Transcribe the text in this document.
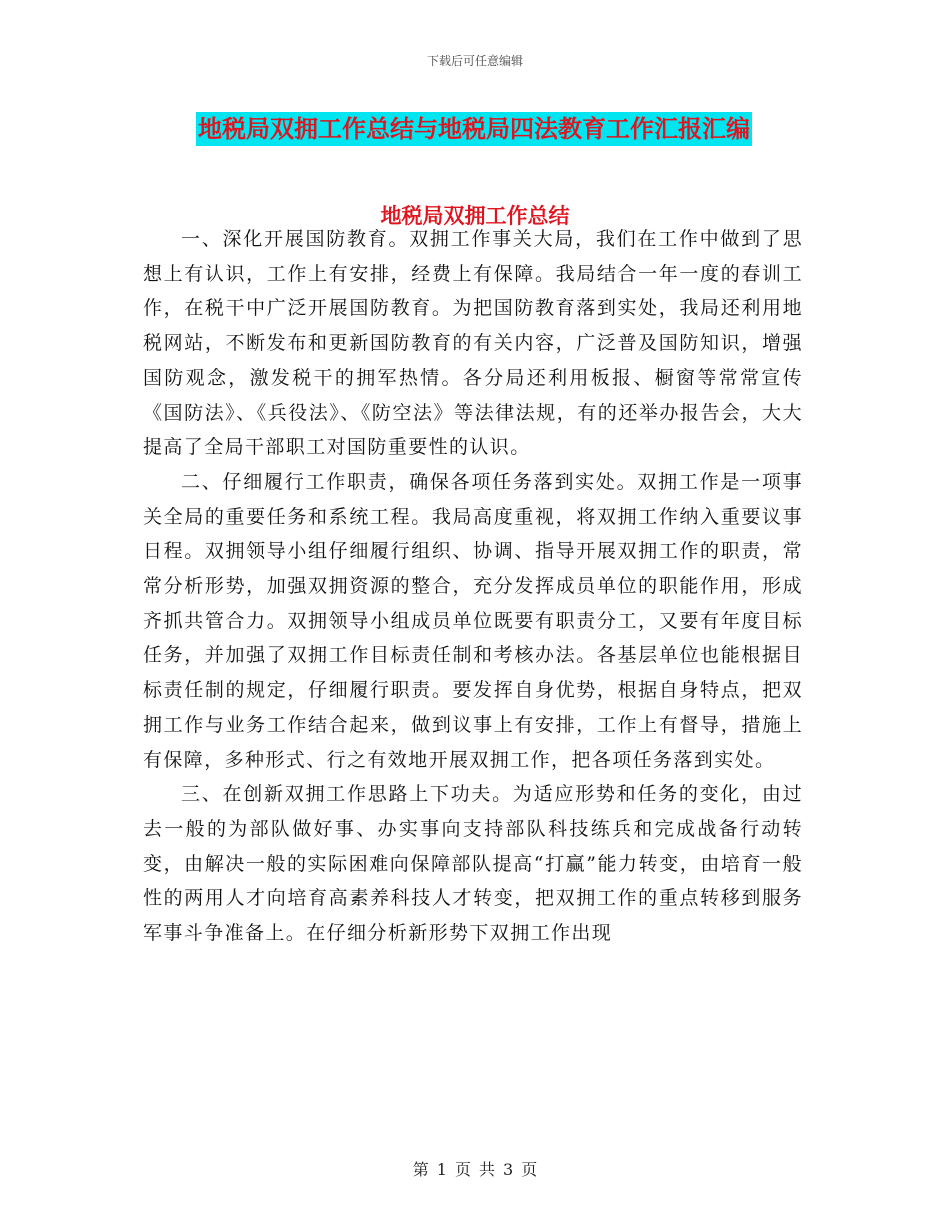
下载后可任意编辑
地税局双拥工作总结与地税局四法教育工作汇报汇编
地税局双拥工作总结

一、深化开展国防教育。双拥工作事关大局，我们在工作中做到了思想上有认识，工作上有安排，经费上有保障。我局结合一年一度的春训工作，在税干中广泛开展国防教育。为把国防教育落到实处，我局还利用地税网站，不断发布和更新国防教育的有关内容，广泛普及国防知识，增强国防观念，激发税干的拥军热情。各分局还利用板报、橱窗等常常宣传《国防法》、《兵役法》、《防空法》等法律法规，有的还举办报告会，大大提高了全局干部职工对国防重要性的认识。

二、仔细履行工作职责，确保各项任务落到实处。双拥工作是一项事关全局的重要任务和系统工程。我局高度重视，将双拥工作纳入重要议事日程。双拥领导小组仔细履行组织、协调、指导开展双拥工作的职责，常常分析形势，加强双拥资源的整合，充分发挥成员单位的职能作用，形成齐抓共管合力。双拥领导小组成员单位既要有职责分工，又要有年度目标任务，并加强了双拥工作目标责任制和考核办法。各基层单位也能根据目标责任制的规定，仔细履行职责。要发挥自身优势，根据自身特点，把双拥工作与业务工作结合起来，做到议事上有安排，工作上有督导，措施上有保障，多种形式、行之有效地开展双拥工作，把各项任务落到实处。

三、在创新双拥工作思路上下功夫。为适应形势和任务的变化，由过去一般的为部队做好事、办实事向支持部队科技练兵和完成战备行动转变，由解决一般的实际困难向保障部队提高“打赢”能力转变，由培育一般性的两用人才向培育高素养科技人才转变，把双拥工作的重点转移到服务军事斗争准备上。在仔细分析新形势下双拥工作出现

第 1 页 共 3 页
